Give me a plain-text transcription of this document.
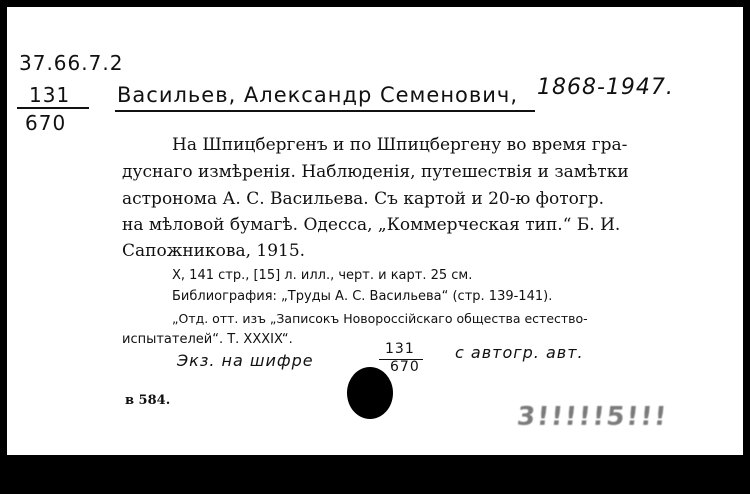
37.66.7.2
131
670
Васильев, Александр Семенович, 1868-1947.
На Шпицбергенъ и по Шпицбергену во время гра-
дуснаго измѣренія. Наблюденія, путешествія и замѣтки
астронома А. С. Васильева. Съ картой и 20-ю фотогр.
на мѣловой бумагѣ. Одесса, „Коммерческая тип.“ Б. И.
Сапожникова, 1915.
X, 141 стр., [15] л. илл., черт. и карт. 25 см.
Библиография: „Труды А. С. Васильева“ (стр. 139-141).
„Отд. отт. изъ „Записокъ Новороссійскаго общества естество-
испытателей“. Т. XXXIX“.
Экз. на шифре
131
670
с автогр. авт.
в 584.
3!!!!!5!!!
